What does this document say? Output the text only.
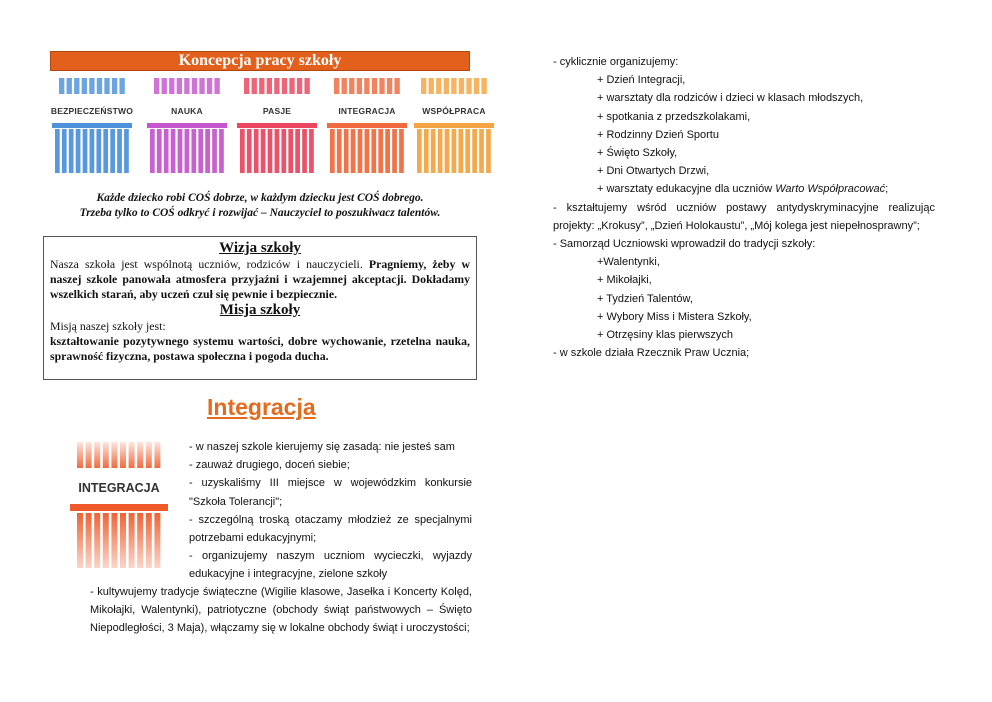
Koncepcja pracy szkoły
BEZPIECZEŃSTWO	NAUKA	PASJE	INTEGRACJA	WSPÓŁPRACA
Każde dziecko robi COŚ dobrze, w każdym dziecku jest COŚ dobrego.
Trzeba tylko to COŚ odkryć i rozwijać – Nauczyciel to poszukiwacz talentów.
Wizja szkoły

Nasza szkoła jest wspólnotą uczniów, rodziców i nauczycieli. Pragniemy, żeby w naszej szkole panowała atmosfera przyjaźni i wzajemnej akceptacji. Dokładamy wszelkich starań, aby uczeń czuł się pewnie i bezpiecznie.

Misja szkoły

Misją naszej szkoły jest:

kształtowanie pozytywnego systemu wartości, dobre wychowanie, rzetelna nauka, sprawność fizyczna, postawa społeczna i pogoda ducha.

Integracja
INTEGRACJA
- w naszej szkole kierujemy się zasadą: nie jesteś sam
- zauważ drugiego, doceń siebie;
- uzyskaliśmy III miejsce w wojewódzkim konkursie "Szkoła Tolerancji";
- szczególną troską otaczamy młodzież ze specjalnymi potrzebami edukacyjnymi;
- organizujemy naszym uczniom wycieczki, wyjazdy edukacyjne i integracyjne, zielone szkoły
- kultywujemy tradycje świąteczne (Wigilie klasowe, Jasełka i Koncerty Kolęd, Mikołajki, Walentynki), patriotyczne (obchody świąt państwowych – Święto Niepodległości, 3 Maja), włączamy się w lokalne obchody świąt i uroczystości;
- cyklicznie organizujemy:
+ Dzień Integracji,
+ warsztaty dla rodziców i dzieci w klasach młodszych,
+ spotkania z przedszkolakami,
+ Rodzinny Dzień Sportu
+ Święto Szkoły,
+ Dni Otwartych Drzwi,
+ warsztaty edukacyjne dla uczniów Warto Współpracować;
- kształtujemy wśród uczniów postawy antydyskryminacyjne realizując projekty: „Krokusy”, „Dzień Holokaustu”, „Mój kolega jest niepełnosprawny”;
- Samorząd Uczniowski wprowadził do tradycji szkoły:
+Walentynki,
+ Mikołajki,
+ Tydzień Talentów,
+ Wybory Miss i Mistera Szkoły,
+ Otrzęsiny klas pierwszych
- w szkole działa Rzecznik Praw Ucznia;
